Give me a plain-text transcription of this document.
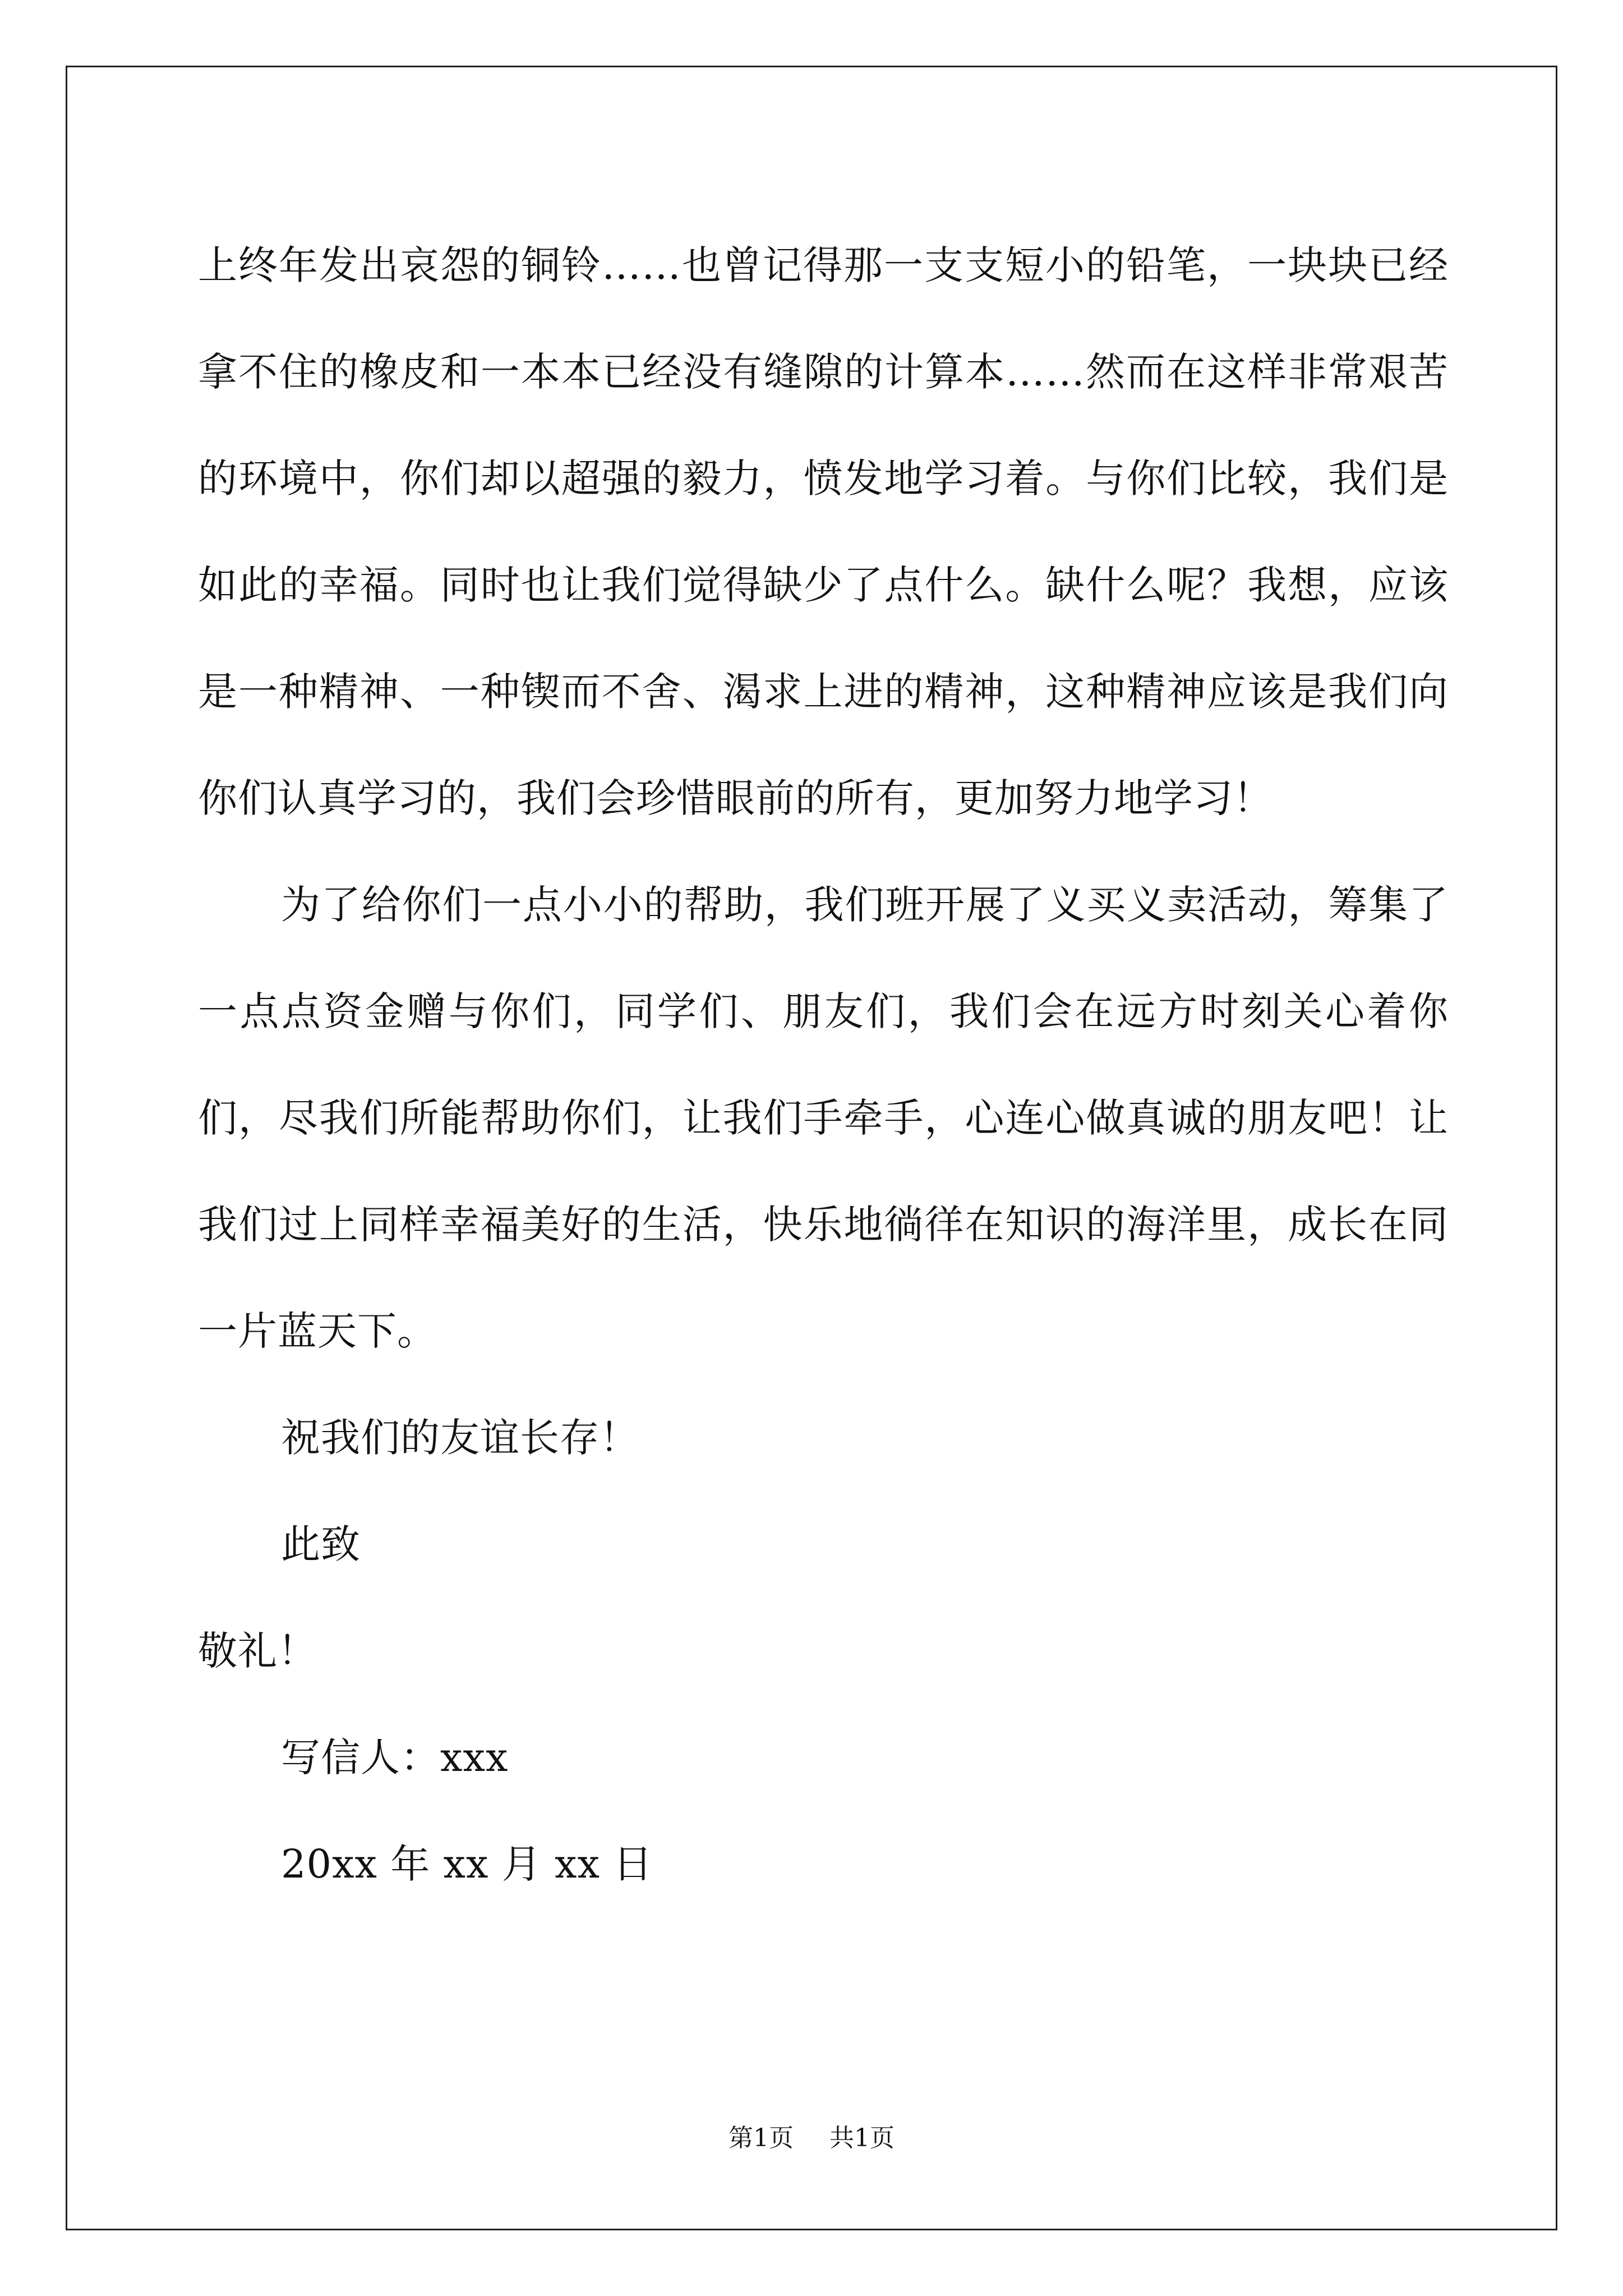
上终年发出哀怨的铜铃……也曾记得那一支支短小的铅笔，一块块已经拿不住的橡皮和一本本已经没有缝隙的计算本……然而在这样非常艰苦的环境中，你们却以超强的毅力，愤发地学习着。与你们比较，我们是如此的幸福。同时也让我们觉得缺少了点什么。缺什么呢？我想，应该是一种精神、一种锲而不舍、渴求上进的精神，这种精神应该是我们向你们认真学习的，我们会珍惜眼前的所有，更加努力地学习！

为了给你们一点小小的帮助，我们班开展了义买义卖活动，筹集了一点点资金赠与你们，同学们、朋友们，我们会在远方时刻关心着你们，尽我们所能帮助你们，让我们手牵手，心连心做真诚的朋友吧！让我们过上同样幸福美好的生活，快乐地徜徉在知识的海洋里，成长在同一片蓝天下。

祝我们的友谊长存！

此致

敬礼！

写信人：xxx

20xx 年 xx 月 xx 日

第1页 共1页
